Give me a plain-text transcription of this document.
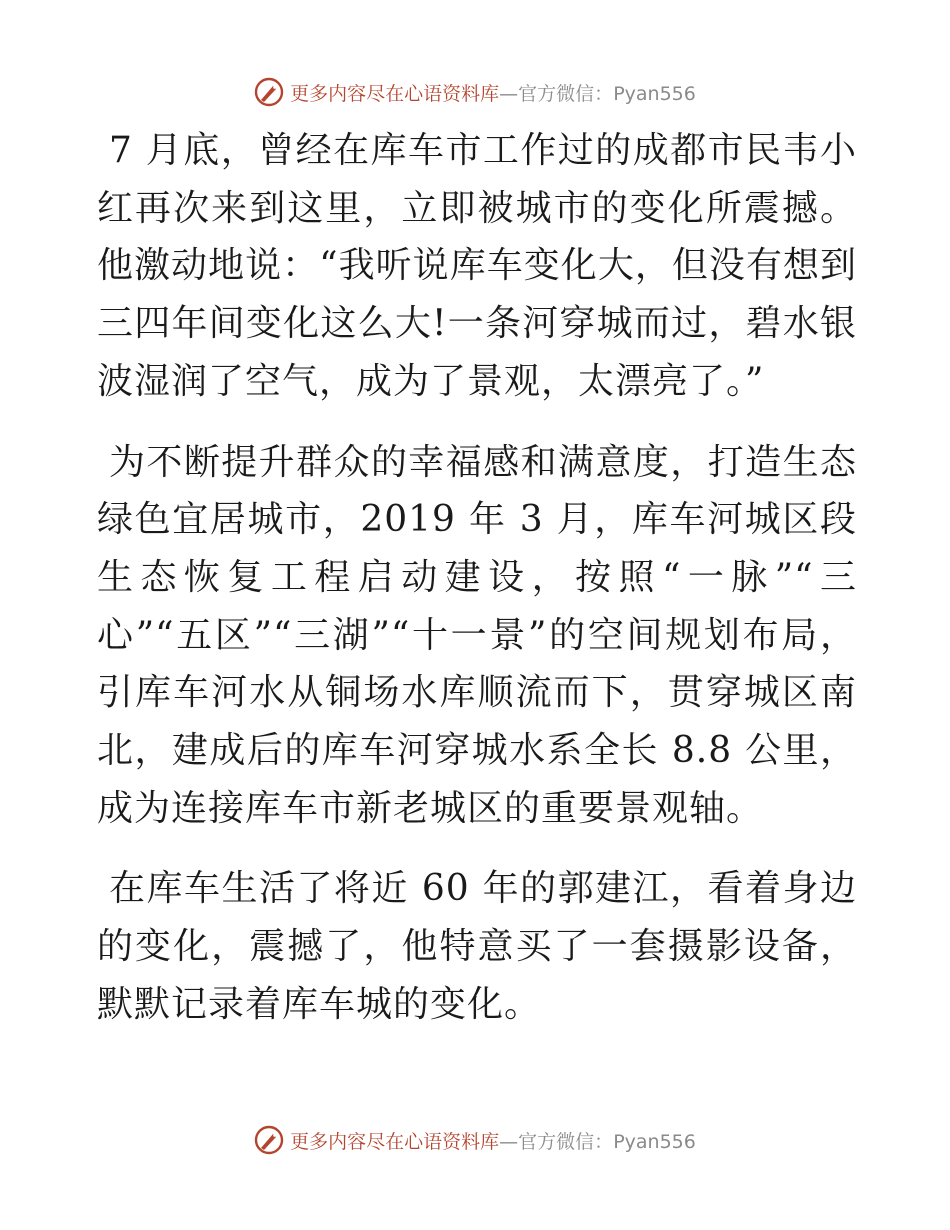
更多内容尽在心语资料库—官方微信：Pyan556

7 月底，曾经在库车市工作过的成都市民韦小红再次来到这里，立即被城市的变化所震撼。他激动地说：“我听说库车变化大，但没有想到三四年间变化这么大!一条河穿城而过，碧水银波湿润了空气，成为了景观，太漂亮了。”

为不断提升群众的幸福感和满意度，打造生态绿色宜居城市，2019 年 3 月，库车河城区段生态恢复工程启动建设，按照“一脉”“三心”“五区”“三湖”“十一景”的空间规划布局，引库车河水从铜场水库顺流而下，贯穿城区南北，建成后的库车河穿城水系全长 8.8 公里，成为连接库车市新老城区的重要景观轴。

在库车生活了将近 60 年的郭建江，看着身边的变化，震撼了，他特意买了一套摄影设备，默默记录着库车城的变化。

更多内容尽在心语资料库—官方微信：Pyan556
